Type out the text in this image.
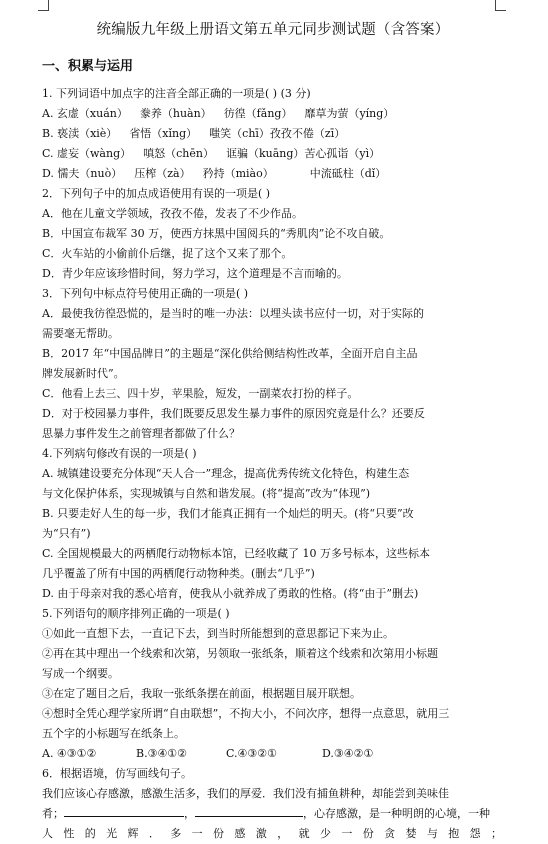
统编版九年级上册语文第五单元同步测试题（含答案）
一、积累与运用
1. 下列词语中加点字的注音全部正确的一项是( ) (3 分)
A. 玄虚（xuán） 豢养（huàn） 彷徨（fǎng） 靡草为萤（yíng）
B. 亵渎（xiè） 省悟（xǐng） 嗤笑（chī）孜孜不倦（zī）
C. 虚妄（wàng） 嗔怒（chēn） 诓骗（kuāng）苦心孤诣（yì）
D. 懦夫（nuò） 压榨（zà） 矜持（miào）	中流砥柱（dǐ）
2．下列句子中的加点成语使用有误的一项是( )
A．他在儿童文学领域，孜孜不倦，发表了不少作品。
B．中国宣布裁军 30 万，使西方抹黑中国阅兵的“秀肌肉”论不攻自破。
C．火车站的小偷前仆后继，捉了这个又来了那个。
D．青少年应该珍惜时间，努力学习，这个道理是不言而喻的。
3．下列句中标点符号使用正确的一项是( )
A．最使我彷徨恐慌的，是当时的唯一办法：以埋头读书应付一切，对于实际的
需要毫无帮助。
B．2017 年“中国品牌日”的主题是“深化供给侧结构性改革，全面开启自主品
牌发展新时代”。
C．他看上去三、四十岁，苹果脸，短发，一副菜农打扮的样子。
D．对于校园暴力事件，我们既要反思发生暴力事件的原因究竟是什么？还要反
思暴力事件发生之前管理者都做了什么？
4.下列病句修改有误的一项是( )
A. 城镇建设要充分体现“天人合一”理念，提高优秀传统文化特色，构建生态
与文化保护体系，实现城镇与自然和谐发展。(将“提高”改为“体现”)
B. 只要走好人生的每一步，我们才能真正拥有一个灿烂的明天。(将“只要”改
为“只有”)
C. 全国规模最大的两栖爬行动物标本馆，已经收藏了 10 万多号标本，这些标本
几乎覆盖了所有中国的两栖爬行动物种类。(删去“几乎”)
D. 由于母亲对我的悉心培育，使我从小就养成了勇敢的性格。(将“由于”删去)
5.下列语句的顺序排列正确的一项是( )
①如此一直想下去，一直记下去，到当时所能想到的意思都记下来为止。
②再在其中理出一个线索和次第，另领取一张纸条，顺着这个线索和次第用小标题
写成一个纲要。
③在定了题目之后，我取一张纸条摆在前面，根据题目展开联想。
④想时全凭心理学家所谓“自由联想”，不拘大小，不问次序，想得一点意思，就用三
五个字的小标题写在纸条上。
A. ④③①②	B.③④①②	C.④③②①	D.③④②①
6．根据语境，仿写画线句子。
我们应该心存感激，感激生活多，我们的厚爱．我们没有捕鱼耕种，却能尝到美味佳
肴；	，	，心存感激，是一种明朗的心境，一种
人性的光辉．多一份感激，就少一份贪婪与抱怨；
